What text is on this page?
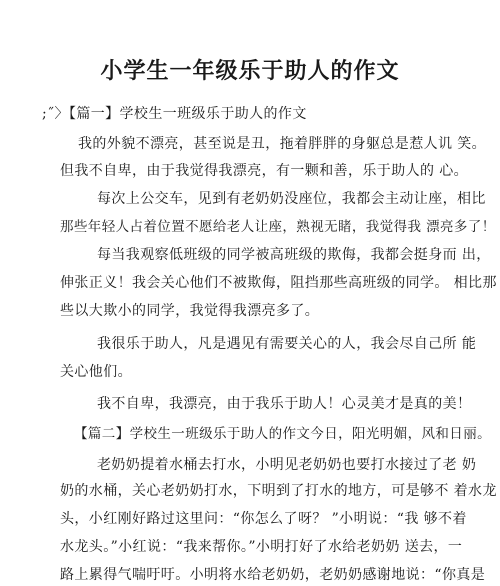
小学生一年级乐于助人的作文

;˝〉【篇一】学校生一班级乐于助人的作文

我的外貌不漂亮，甚至说是丑，拖着胖胖的身躯总是惹人讥 笑。

但我不自卑，由于我觉得我漂亮，有一颗和善，乐于助人的 心。

每次上公交车，见到有老奶奶没座位，我都会主动让座，相比

那些年轻人占着位置不愿给老人让座，熟视无睹，我觉得我 漂亮多了！

每当我观察低班级的同学被高班级的欺侮，我都会挺身而 出，

伸张正义！我会关心他们不被欺侮，阻挡那些高班级的同学。 相比那

些以大欺小的同学，我觉得我漂亮多了。

我很乐于助人，凡是遇见有需要关心的人，我会尽自己所 能

关心他们。

我不自卑，我漂亮，由于我乐于助人！心灵美才是真的美！

【篇二】学校生一班级乐于助人的作文今日，阳光明媚，风和日丽。

老奶奶提着水桶去打水，小明见老奶奶也要打水接过了老 奶

奶的水桶，关心老奶奶打水，下明到了打水的地方，可是够不 着水龙

头，小红刚好路过这里问：“你怎么了呀？ ”小明说：“我 够不着

水龙头。”小红说：“我来帮你。”小明打好了水给老奶奶 送去，一

路上累得气喘吁吁。小明将水给老奶奶，老奶奶感谢地说：“你真是
